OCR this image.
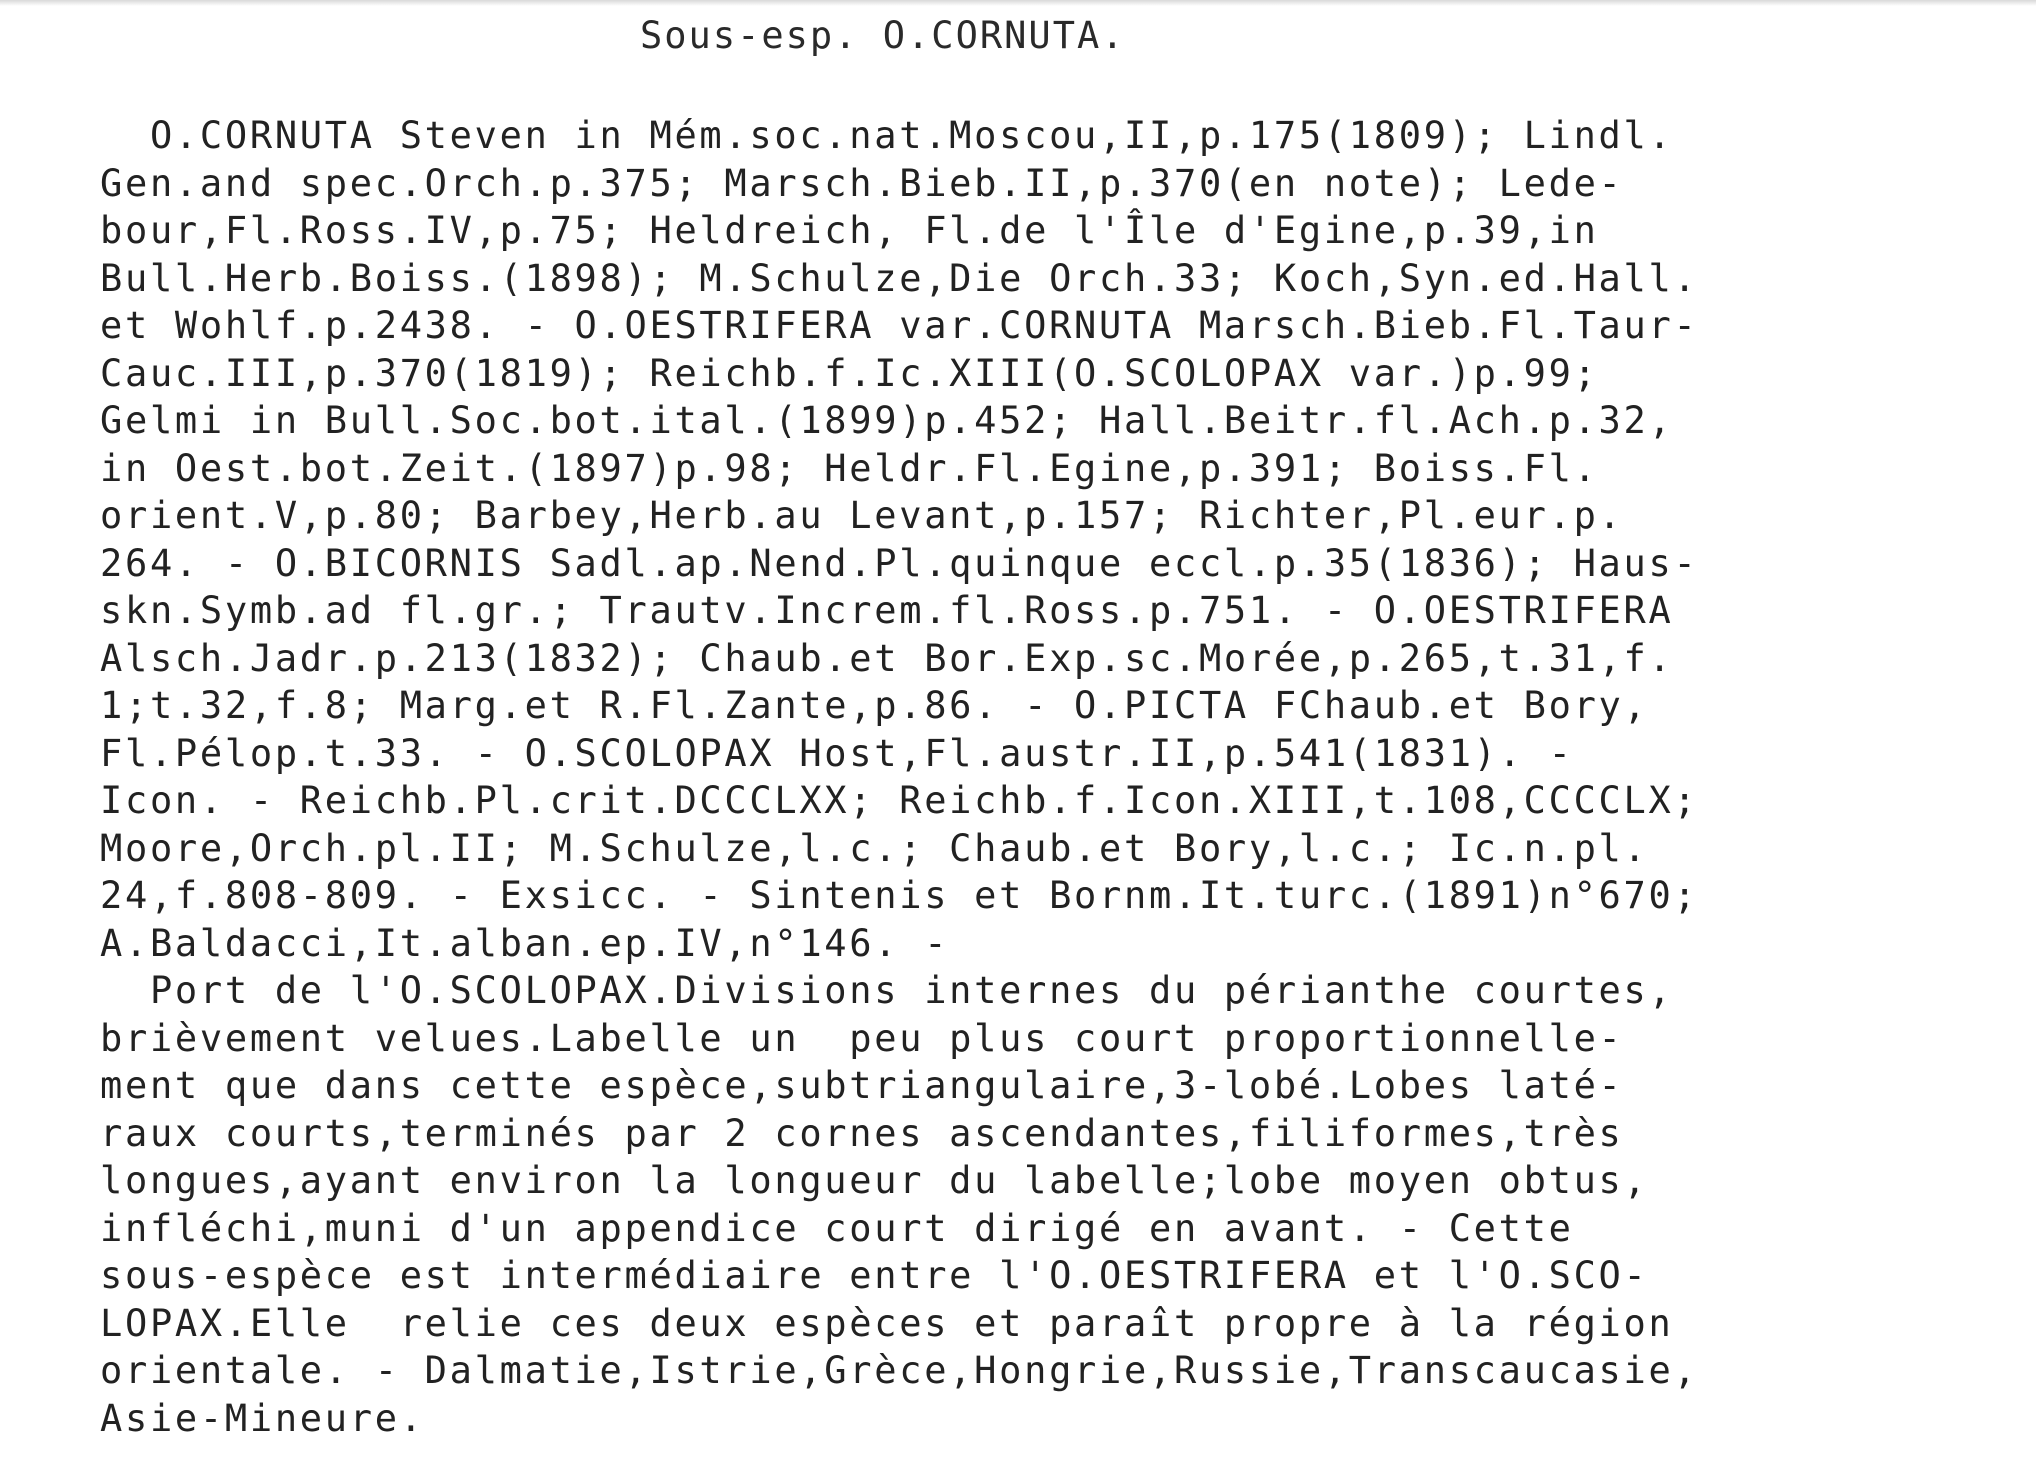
Sous-esp. O.CORNUTA.
O.CORNUTA Steven in Mém.soc.nat.Moscou,II,p.175(1809); Lindl.
Gen.and spec.Orch.p.375; Marsch.Bieb.II,p.370(en note); Lede-
bour,Fl.Ross.IV,p.75; Heldreich, Fl.de l'Île d'Egine,p.39,in
Bull.Herb.Boiss.(1898); M.Schulze,Die Orch.33; Koch,Syn.ed.Hall.
et Wohlf.p.2438. - O.OESTRIFERA var.CORNUTA Marsch.Bieb.Fl.Taur-
Cauc.III,p.370(1819); Reichb.f.Ic.XIII(O.SCOLOPAX var.)p.99;
Gelmi in Bull.Soc.bot.ital.(1899)p.452; Hall.Beitr.fl.Ach.p.32,
in Oest.bot.Zeit.(1897)p.98; Heldr.Fl.Egine,p.391; Boiss.Fl.
orient.V,p.80; Barbey,Herb.au Levant,p.157; Richter,Pl.eur.p.
264. - O.BICORNIS Sadl.ap.Nend.Pl.quinque eccl.p.35(1836); Haus-
skn.Symb.ad fl.gr.; Trautv.Increm.fl.Ross.p.751. - O.OESTRIFERA
Alsch.Jadr.p.213(1832); Chaub.et Bor.Exp.sc.Morée,p.265,t.31,f.
1;t.32,f.8; Marg.et R.Fl.Zante,p.86. - O.PICTA FChaub.et Bory,
Fl.Pélop.t.33. - O.SCOLOPAX Host,Fl.austr.II,p.541(1831). -
Icon. - Reichb.Pl.crit.DCCCLXX; Reichb.f.Icon.XIII,t.108,CCCCLX;
Moore,Orch.pl.II; M.Schulze,l.c.; Chaub.et Bory,l.c.; Ic.n.pl.
24,f.808-809. - Exsicc. - Sintenis et Bornm.It.turc.(1891)n°670;
A.Baldacci,It.alban.ep.IV,n°146. -
Port de l'O.SCOLOPAX.Divisions internes du périanthe courtes,
brièvement velues.Labelle un  peu plus court proportionnelle-
ment que dans cette espèce,subtriangulaire,3-lobé.Lobes laté-
raux courts,terminés par 2 cornes ascendantes,filiformes,très
longues,ayant environ la longueur du labelle;lobe moyen obtus,
infléchi,muni d'un appendice court dirigé en avant. - Cette
sous-espèce est intermédiaire entre l'O.OESTRIFERA et l'O.SCO-
LOPAX.Elle  relie ces deux espèces et paraît propre à la région
orientale. - Dalmatie,Istrie,Grèce,Hongrie,Russie,Transcaucasie,
Asie-Mineure.
